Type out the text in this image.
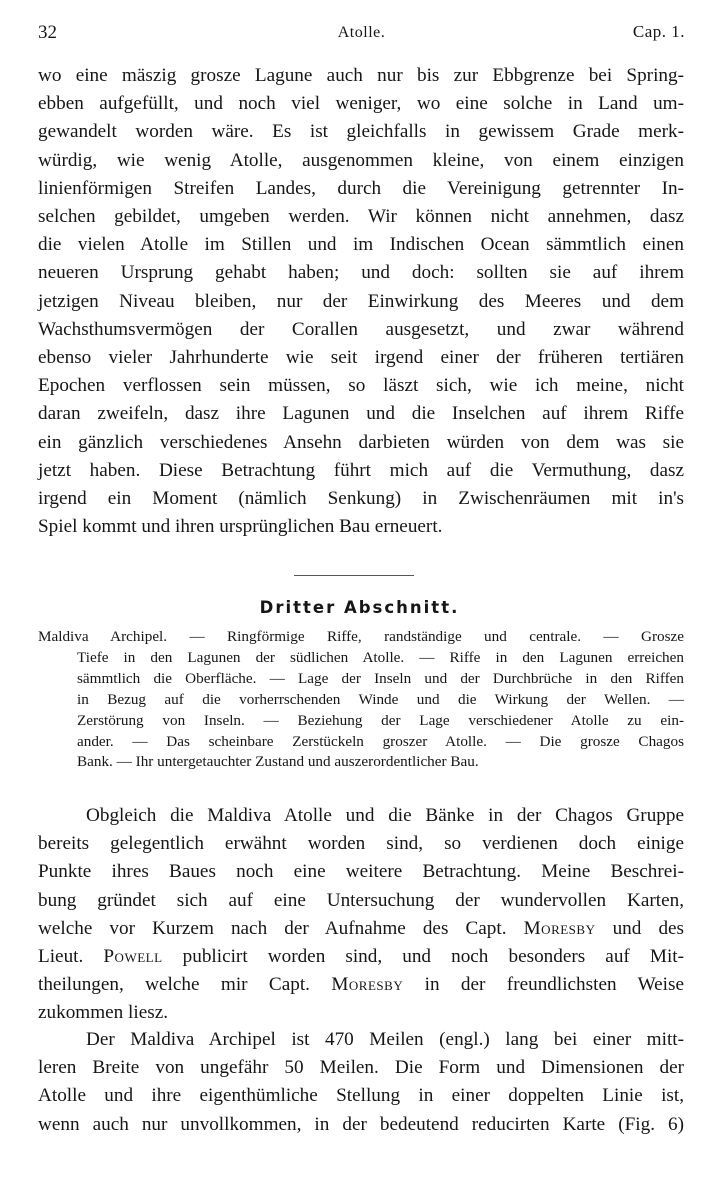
32	Atolle.	Cap. 1.
wo eine mäszig grosze Lagune auch nur bis zur Ebbgrenze bei Spring-
ebben aufgefüllt, und noch viel weniger, wo eine solche in Land um-
gewandelt worden wäre. Es ist gleichfalls in gewissem Grade merk-
würdig, wie wenig Atolle, ausgenommen kleine, von einem einzigen
linienförmigen Streifen Landes, durch die Vereinigung getrennter In-
selchen gebildet, umgeben werden. Wir können nicht annehmen, dasz
die vielen Atolle im Stillen und im Indischen Ocean sämmtlich einen
neueren Ursprung gehabt haben; und doch: sollten sie auf ihrem
jetzigen Niveau bleiben, nur der Einwirkung des Meeres und dem
Wachsthumsvermögen der Corallen ausgesetzt, und zwar während
ebenso vieler Jahrhunderte wie seit irgend einer der früheren tertiären
Epochen verflossen sein müssen, so läszt sich, wie ich meine, nicht
daran zweifeln, dasz ihre Lagunen und die Inselchen auf ihrem Riffe
ein gänzlich verschiedenes Ansehn darbieten würden von dem was sie
jetzt haben. Diese Betrachtung führt mich auf die Vermuthung, dasz
irgend ein Moment (nämlich Senkung) in Zwischenräumen mit in's
Spiel kommt und ihren ursprünglichen Bau erneuert.
Dritter Abschnitt.
Maldiva Archipel. — Ringförmige Riffe, randständige und centrale. — Grosze
Tiefe in den Lagunen der südlichen Atolle. — Riffe in den Lagunen erreichen
sämmtlich die Oberfläche. — Lage der Inseln und der Durchbrüche in den Riffen
in Bezug auf die vorherrschenden Winde und die Wirkung der Wellen. —
Zerstörung von Inseln. — Beziehung der Lage verschiedener Atolle zu ein-
ander. — Das scheinbare Zerstückeln groszer Atolle. — Die grosze Chagos
Bank. — Ihr untergetauchter Zustand und auszerordentlicher Bau.
Obgleich die Maldiva Atolle und die Bänke in der Chagos Gruppe
bereits gelegentlich erwähnt worden sind, so verdienen doch einige
Punkte ihres Baues noch eine weitere Betrachtung. Meine Beschrei-
bung gründet sich auf eine Untersuchung der wundervollen Karten,
welche vor Kurzem nach der Aufnahme des Capt. Moresby und des
Lieut. Powell publicirt worden sind, und noch besonders auf Mit-
theilungen, welche mir Capt. Moresby in der freundlichsten Weise
zukommen liesz.
Der Maldiva Archipel ist 470 Meilen (engl.) lang bei einer mitt-
leren Breite von ungefähr 50 Meilen. Die Form und Dimensionen der
Atolle und ihre eigenthümliche Stellung in einer doppelten Linie ist,
wenn auch nur unvollkommen, in der bedeutend reducirten Karte (Fig. 6)
